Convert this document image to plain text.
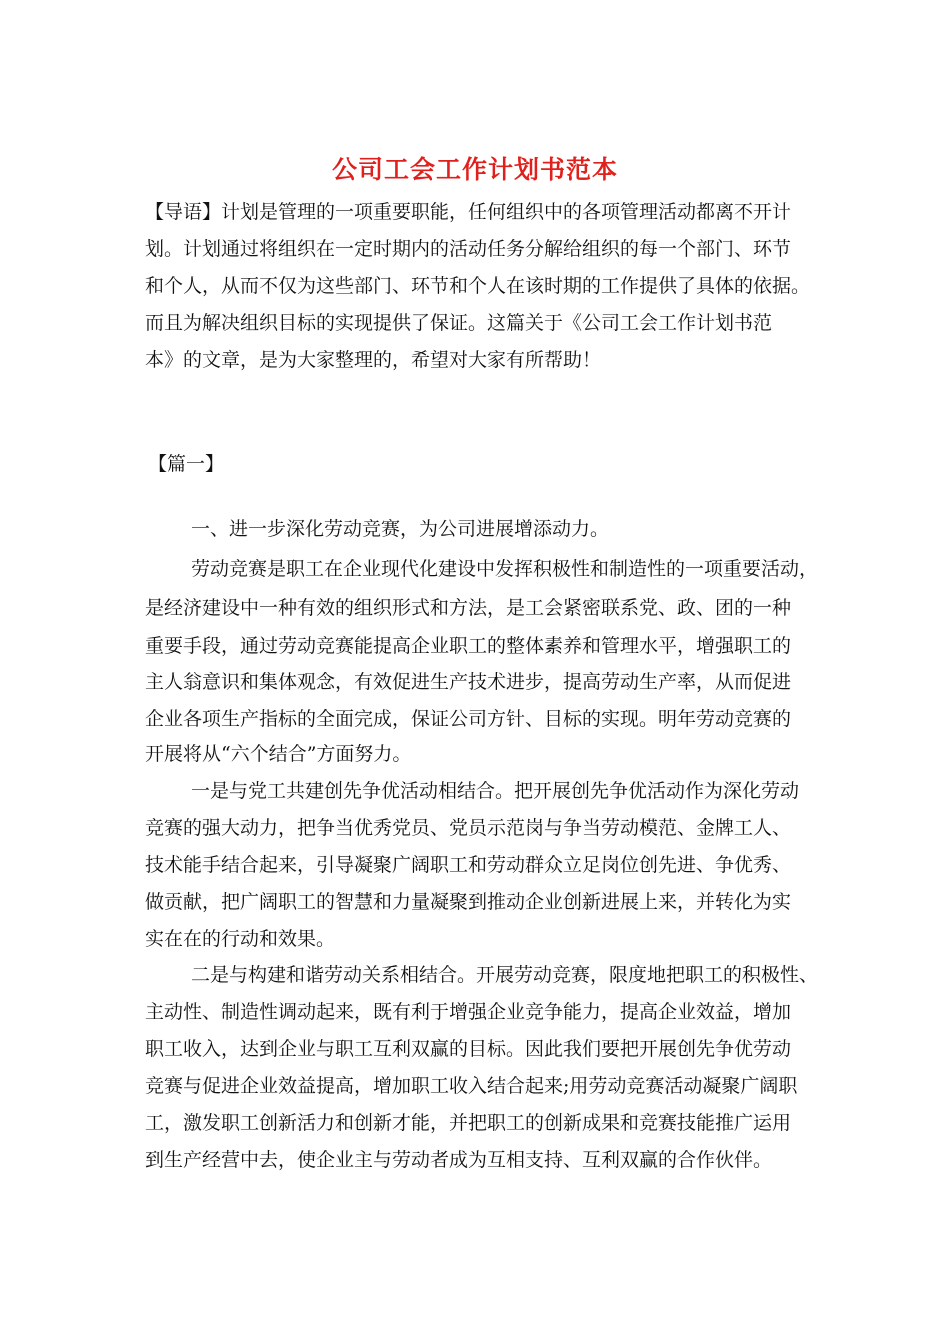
公司工会工作计划书范本
【导语】计划是管理的一项重要职能，任何组织中的各项管理活动都离不开计
划。计划通过将组织在一定时期内的活动任务分解给组织的每一个部门、环节
和个人，从而不仅为这些部门、环节和个人在该时期的工作提供了具体的依据。
而且为解决组织目标的实现提供了保证。这篇关于《公司工会工作计划书范
本》的文章，是为大家整理的，希望对大家有所帮助！
【篇一】
一、进一步深化劳动竞赛，为公司进展增添动力。
劳动竞赛是职工在企业现代化建设中发挥积极性和制造性的一项重要活动，
是经济建设中一种有效的组织形式和方法，是工会紧密联系党、政、团的一种
重要手段，通过劳动竞赛能提高企业职工的整体素养和管理水平，增强职工的
主人翁意识和集体观念，有效促进生产技术进步，提高劳动生产率，从而促进
企业各项生产指标的全面完成，保证公司方针、目标的实现。明年劳动竞赛的
开展将从“六个结合”方面努力。
一是与党工共建创先争优活动相结合。把开展创先争优活动作为深化劳动
竞赛的强大动力，把争当优秀党员、党员示范岗与争当劳动模范、金牌工人、
技术能手结合起来，引导凝聚广阔职工和劳动群众立足岗位创先进、争优秀、
做贡献，把广阔职工的智慧和力量凝聚到推动企业创新进展上来，并转化为实
实在在的行动和效果。
二是与构建和谐劳动关系相结合。开展劳动竞赛，限度地把职工的积极性、
主动性、制造性调动起来，既有利于增强企业竞争能力，提高企业效益，增加
职工收入，达到企业与职工互利双赢的目标。因此我们要把开展创先争优劳动
竞赛与促进企业效益提高，增加职工收入结合起来;用劳动竞赛活动凝聚广阔职
工，激发职工创新活力和创新才能，并把职工的创新成果和竞赛技能推广运用
到生产经营中去，使企业主与劳动者成为互相支持、互利双赢的合作伙伴。
